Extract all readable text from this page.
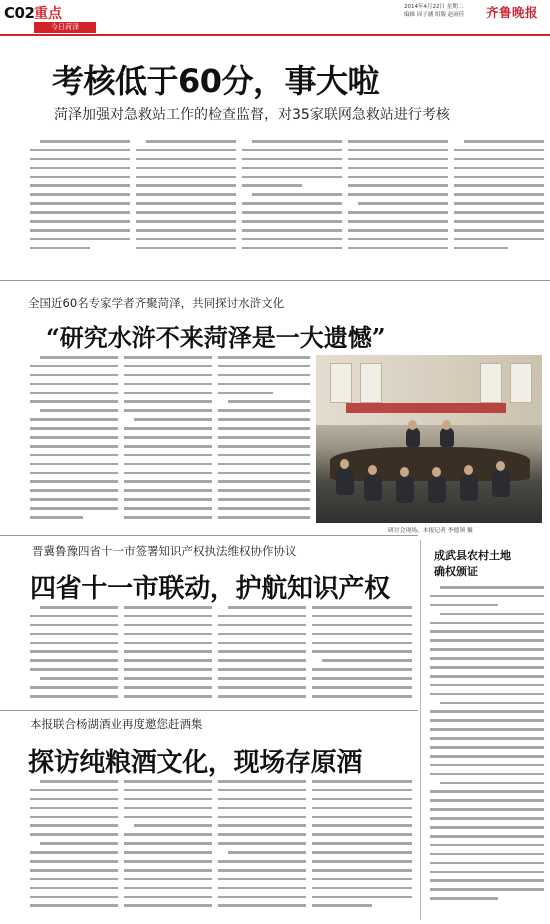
C02 重点
今日菏泽
2014年4月22日 星期二
编辑 周子涵 组版 赵雨佳 齐鲁晚报
考核低于60分，事大啦
菏泽加强对急救站工作的检查监督，对35家联网急救站进行考核
全国近60名专家学者齐聚菏泽，共同探讨水浒文化
“研究水浒不来菏泽是一大遗憾”
研讨会现场。本报记者 李德领 摄
晋冀鲁豫四省十一市签署知识产权执法维权协作协议
四省十一市联动，护航知识产权
本报联合杨湖酒业再度邀您赶酒集
探访纯粮酒文化，现场存原酒
成武县农村土地
确权颁证
